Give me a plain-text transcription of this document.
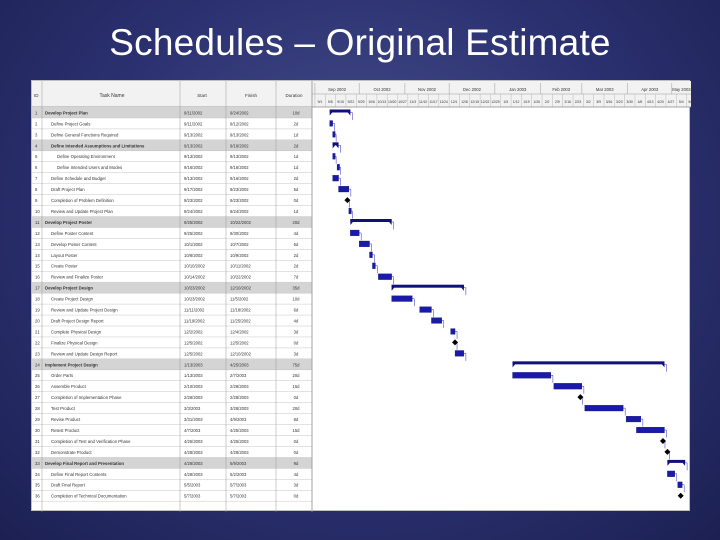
Schedules – Original Estimate
ID	Task Name	Start	Finish	Duration
Sep 2002	Oct 2002	Nov 2002	Dec 2002	Jan 2003	Feb 2003	Mar 2003	Apr 2003	May 2003
9/1 9/8 9/15 9/22 9/29 10/6 10/13 10/20 10/27 11/3 11/10 11/17 11/24 12/1 12/8 12/15 12/22 12/29 1/5 1/12 1/19 1/26 2/2 2/9 2/16 2/23 3/2 3/9 3/16 3/23 3/30 4/6 4/13 4/20 4/27 5/4 5/11
1 Develop Project Plan	9/11/2002	9/24/2002	10d
2	Define Project Goals	9/11/2002	9/12/2002	2d
3	Define General Functions Required	9/13/2002	9/13/2002	1d
4	Define Intended Assumptions and Limitations	9/13/2002	9/16/2002	2d
5	Define Operating Environment	9/13/2002	9/13/2002	1d
6	Define Intended Users and Modes	9/16/2002	9/16/2002	1d
7	Define Schedule and Budget	9/13/2002	9/16/2002	2d
8	Draft Project Plan	9/17/2002	9/23/2002	5d
9	Completion of Problem Definition	9/23/2002	9/23/2002	0d
10	Review and Update Project Plan	9/24/2002	9/24/2002	1d
11 Develop Project Poster	9/25/2002	10/22/2002	20d
12	Define Poster Content	9/25/2002	9/30/2002	4d
13	Develop Poster Content	10/1/2002	10/7/2002	5d
14	Layout Poster	10/8/2002	10/9/2002	2d
15	Create Poster	10/10/2002	10/11/2002	2d
16	Review and Finalize Poster	10/14/2002	10/22/2002	7d
17 Develop Project Design	10/23/2002	12/10/2002	35d
18	Create Project Design	10/23/2002	11/5/2002	10d
19	Review and Update Project Design	11/11/2002	11/18/2002	6d
20	Draft Project Design Report	11/19/2002	11/25/2002	4d
21	Complete Physical Design	12/2/2002	12/4/2002	3d
22	Finalize Physical Design	12/5/2002	12/5/2002	0d
23	Review and Update Design Report	12/5/2002	12/10/2002	3d
24 Implement Project Design	1/13/2003	4/25/2003	75d
25	Order Parts	1/13/2003	2/7/2003	20d
26	Assemble Product	2/10/2003	2/28/2003	15d
27	Completion of Implementation Phase	2/28/2003	2/28/2003	0d
28	Test Product	3/3/2003	3/28/2003	20d
29	Revise Product	3/31/2003	4/9/2003	8d
30	Retest Product	4/7/2003	4/25/2003	15d
31	Completion of Test and Verification Phase	4/25/2003	4/25/2003	0d
32	Demonstrate Product	4/28/2003	4/28/2003	0d
33 Develop Final Report and Presentation	4/28/2003	5/9/2003	9d
34	Define Final Report Contents	4/28/2003	5/2/2003	4d
35	Draft Final Report	5/5/2003	5/7/2003	3d
36	Completion of Technical Documentation	5/7/2003	5/7/2003	0d
